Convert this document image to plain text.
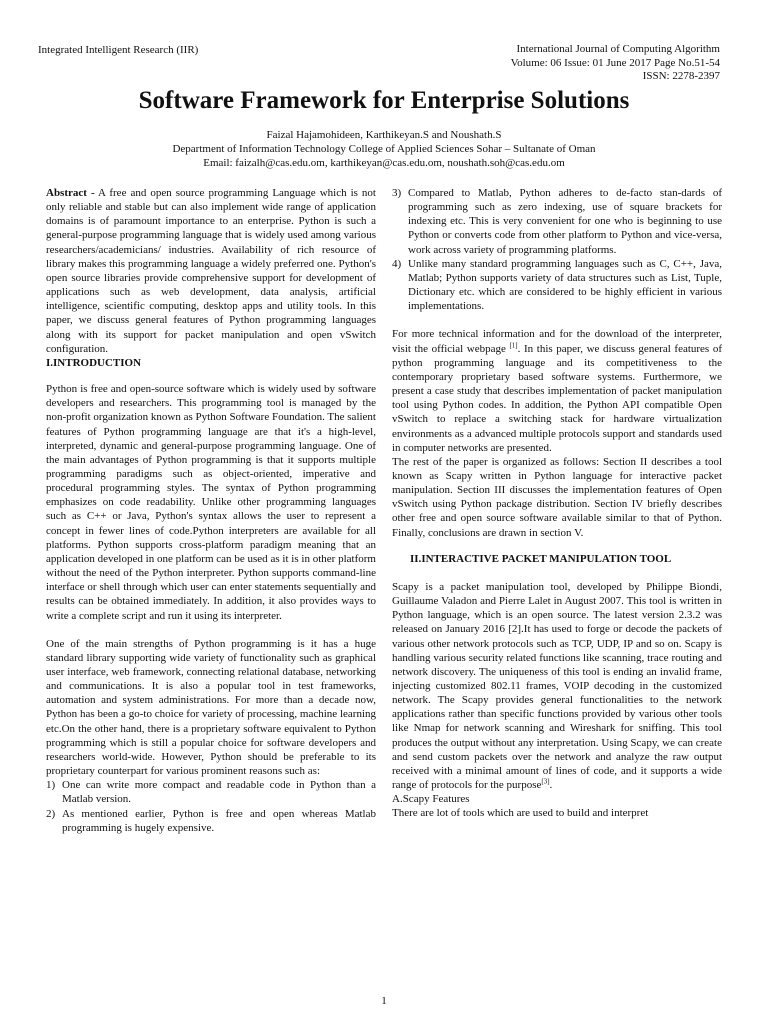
Integrated Intelligent Research (IIR)	International Journal of Computing Algorithm
Volume: 06 Issue: 01 June 2017 Page No.51-54
ISSN: 2278-2397
Software Framework for Enterprise Solutions
Faizal Hajamohideen, Karthikeyan.S and Noushath.S
Department of Information Technology College of Applied Sciences Sohar – Sultanate of Oman
Email: faizalh@cas.edu.om, karthikeyan@cas.edu.om, noushath.soh@cas.edu.om

Abstract - A free and open source programming Language which is not only reliable and stable but can also implement wide range of application domains is of paramount importance to an enterprise. Python is such a general-purpose programming language that is widely used among various researchers/academicians/ industries. Availability of rich resource of library makes this programming language a widely preferred one. Python's open source libraries provide comprehensive support for development of applications such as web development, data analysis, artificial intelligence, scientific computing, desktop apps and utility tools. In this paper, we discuss general features of Python programming languages along with its support for packet manipulation and open vSwitch configuration.

I.INTRODUCTION

Python is free and open-source software which is widely used by software developers and researchers. This programming tool is managed by the non-profit organization known as Python Software Foundation. The salient features of Python programming language are that it's a high-level, interpreted, dynamic and general-purpose programming language. One of the main advantages of Python programming is that it supports multiple programming paradigms such as object-oriented, imperative and procedural programming styles. The syntax of Python programming emphasizes on code readability. Unlike other programming languages such as C++ or Java, Python's syntax allows the user to represent a concept in fewer lines of code.Python interpreters are available for all platforms. Python supports cross-platform paradigm meaning that an application developed in one platform can be used as it is in other platform without the need of the Python interpreter. Python supports command-line interface or shell through which user can enter statements sequentially and results can be obtained immediately. In addition, it also provides ways to write a complete script and run it using its interpreter.

One of the main strengths of Python programming is it has a huge standard library supporting wide variety of functionality such as graphical user interface, web framework, connecting relational database, networking and communications. It is also a popular tool in test frameworks, automation and system administrations. For more than a decade now, Python has been a go-to choice for variety of processing, machine learning etc.On the other hand, there is a proprietary software equivalent to Python programming which is still a popular choice for software developers and researchers world-wide. However, Python should be preferable to its proprietary counterpart for various prominent reasons such as:

1) One can write more compact and readable code in Python than a Matlab version.
2) As mentioned earlier, Python is free and open whereas Matlab programming is hugely expensive.
3) Compared to Matlab, Python adheres to de-facto stan-dards of programming such as zero indexing, use of square brackets for indexing etc. This is very convenient for one who is beginning to use Python or converts code from other platform to Python and vice-versa, work across variety of programming platforms.
4) Unlike many standard programming languages such as C, C++, Java, Matlab; Python supports variety of data structures such as List, Tuple, Dictionary etc. which are considered to be highly efficient in various implementations.

For more technical information and for the download of the interpreter, visit the official webpage [1]. In this paper, we discuss general features of python programming language and its competitiveness to the contemporary proprietary based software systems. Furthermore, we present a case study that describes implementation of packet manipulation tool using Python codes. In addition, the Python API compatible Open vSwitch to replace a switching stack for hardware virtualization environments as a advanced multiple protocols support and standards used in computer networks are presented.

The rest of the paper is organized as follows: Section II describes a tool known as Scapy written in Python language for interactive packet manipulation. Section III discusses the implementation features of Open vSwitch using Python package distribution. Section IV briefly describes other free and open source software available similar to that of Python. Finally, conclusions are drawn in section V.

II. INTERACTIVE PACKET MANIPULATION TOOL

Scapy is a packet manipulation tool, developed by Philippe Biondi, Guillaume Valadon and Pierre Lalet in August 2007. This tool is written in Python language, which is an open source. The latest version 2.3.2 was released on January 2016 [2].It has used to forge or decode the packets of various other network protocols such as TCP, UDP, IP and so on. Scapy is handling various security related functions like scanning, trace routing and network discovery. The uniqueness of this tool is ending an invalid frame, injecting customized 802.11 frames, VOIP decoding in the customized network. The Scapy provides general functionalities to the network applications rather than specific functions provided by various other tools like Nmap for network scanning and Wireshark for sniffing. This tool produces the output without any interpretation. Using Scapy, we can create and send custom packets over the network and analyze the raw output received with a minimal amount of lines of code, and it supports a wide range of protocols for the purpose[3].

A.Scapy Features

There are lot of tools which are used to build and interpret

1
